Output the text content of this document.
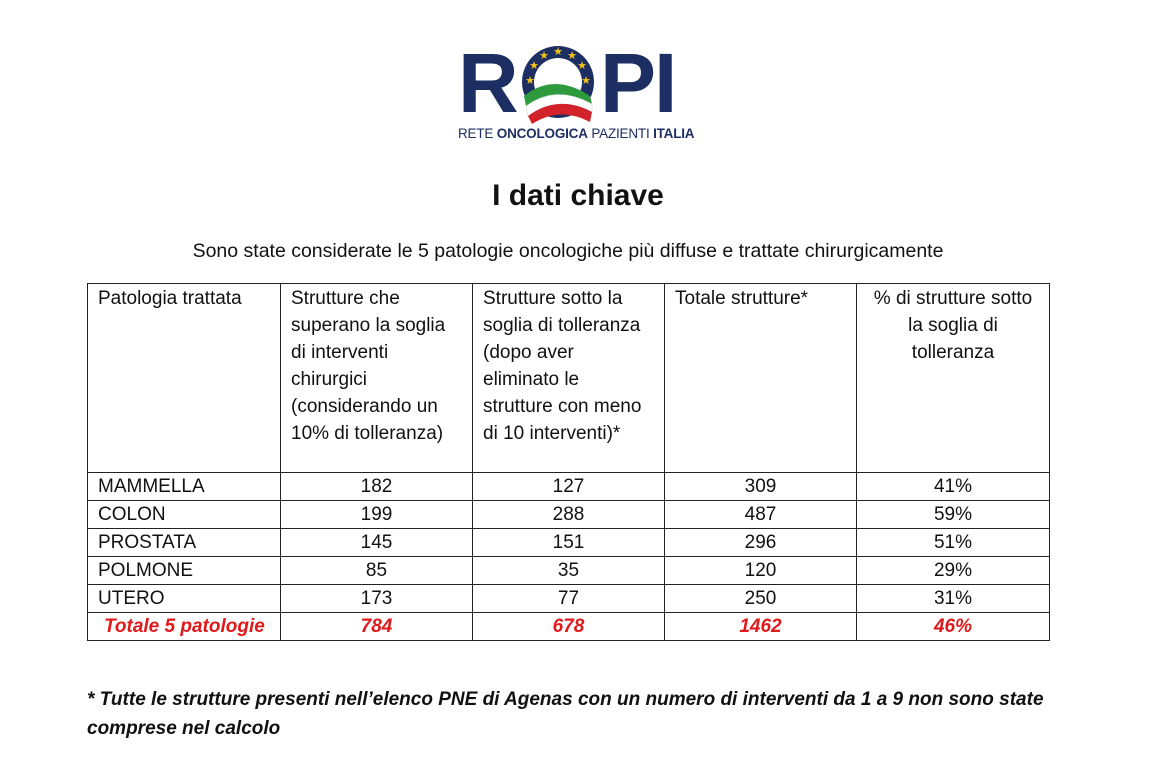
R	★ ★
★
★
★
★
★ PI
RETE ONCOLOGICA PAZIENTI ITALIA
I dati chiave
Sono state considerate le 5 patologie oncologiche più diffuse e trattate chirurgicamente
Patologia trattata	Strutture che superano la soglia di interventi chirurgici (considerando un 10% di tolleranza)	Strutture sotto la soglia di tolleranza (dopo aver eliminato le strutture con meno di 10 interventi)*	Totale strutture*	% di strutture sotto la soglia di tolleranza
MAMMELLA	182	127	309	41%
COLON	199	288	487	59%
PROSTATA	145	151	296	51%
POLMONE	85	35	120	29%
UTERO	173	77	250	31%
Totale 5 patologie	784	678	1462	46%
* Tutte le strutture presenti nell’elenco PNE di Agenas con un numero di interventi da 1 a 9 non sono state comprese nel calcolo
